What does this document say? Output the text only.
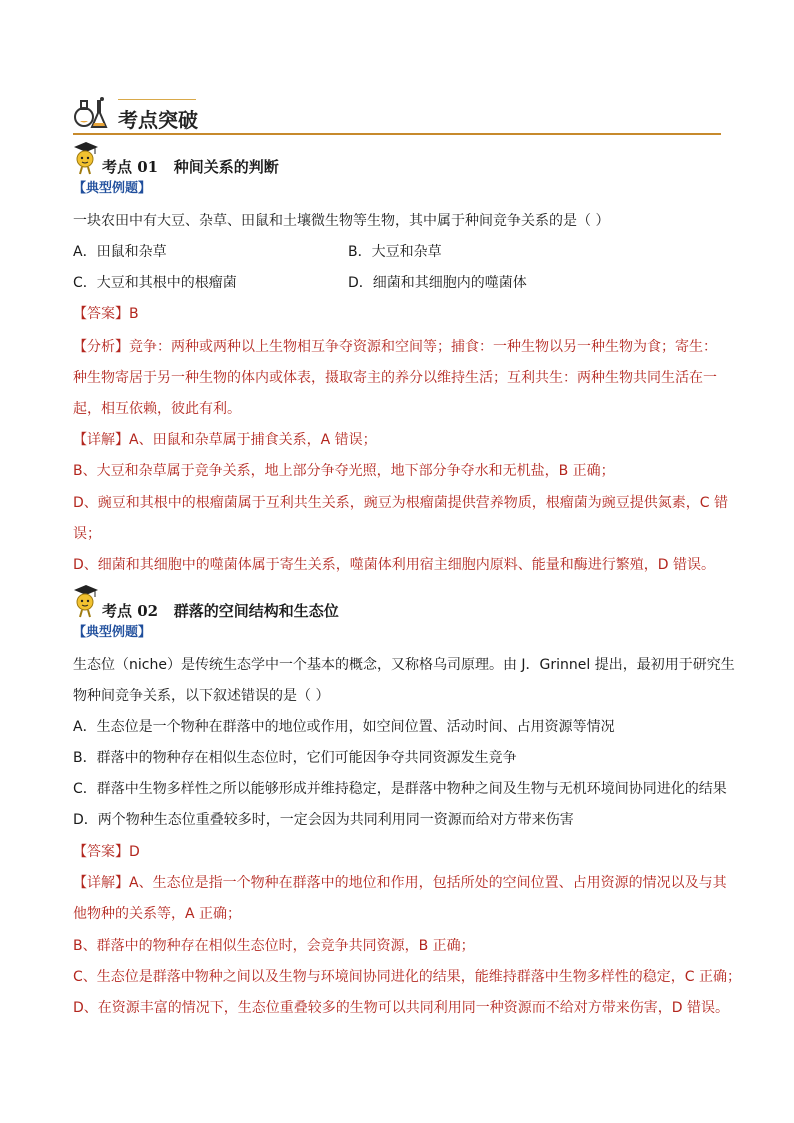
考点突破
考点 01 种间关系的判断
【典型例题】
一块农田中有大豆、杂草、田鼠和土壤微生物等生物，其中属于种间竞争关系的是（ ）
A．田鼠和杂草	B．大豆和杂草
C．大豆和其根中的根瘤菌	D．细菌和其细胞内的噬菌体
【答案】B
【分析】竞争：两种或两种以上生物相互争夺资源和空间等；捕食：一种生物以另一种生物为食；寄生：
种生物寄居于另一种生物的体内或体表，摄取寄主的养分以维持生活；互利共生：两种生物共同生活在一
起，相互依赖，彼此有利。
【详解】A、田鼠和杂草属于捕食关系，A 错误；
B、大豆和杂草属于竞争关系，地上部分争夺光照，地下部分争夺水和无机盐，B 正确；
D、豌豆和其根中的根瘤菌属于互利共生关系，豌豆为根瘤菌提供营养物质，根瘤菌为豌豆提供氮素，C 错
误；
D、细菌和其细胞中的噬菌体属于寄生关系，噬菌体利用宿主细胞内原料、能量和酶进行繁殖，D 错误。
考点 02 群落的空间结构和生态位
【典型例题】
生态位（niche）是传统生态学中一个基本的概念，又称格乌司原理。由 J．Grinnel 提出，最初用于研究生
物种间竞争关系，以下叙述错误的是（ ）
A．生态位是一个物种在群落中的地位或作用，如空间位置、活动时间、占用资源等情况
B．群落中的物种存在相似生态位时，它们可能因争夺共同资源发生竞争
C．群落中生物多样性之所以能够形成并维持稳定，是群落中物种之间及生物与无机环境间协同进化的结果
D．两个物种生态位重叠较多时，一定会因为共同利用同一资源而给对方带来伤害
【答案】D
【详解】A、生态位是指一个物种在群落中的地位和作用，包括所处的空间位置、占用资源的情况以及与其
他物种的关系等，A 正确；
B、群落中的物种存在相似生态位时，会竞争共同资源，B 正确；
C、生态位是群落中物种之间以及生物与环境间协同进化的结果，能维持群落中生物多样性的稳定，C 正确；
D、在资源丰富的情况下，生态位重叠较多的生物可以共同利用同一种资源而不给对方带来伤害，D 错误。
